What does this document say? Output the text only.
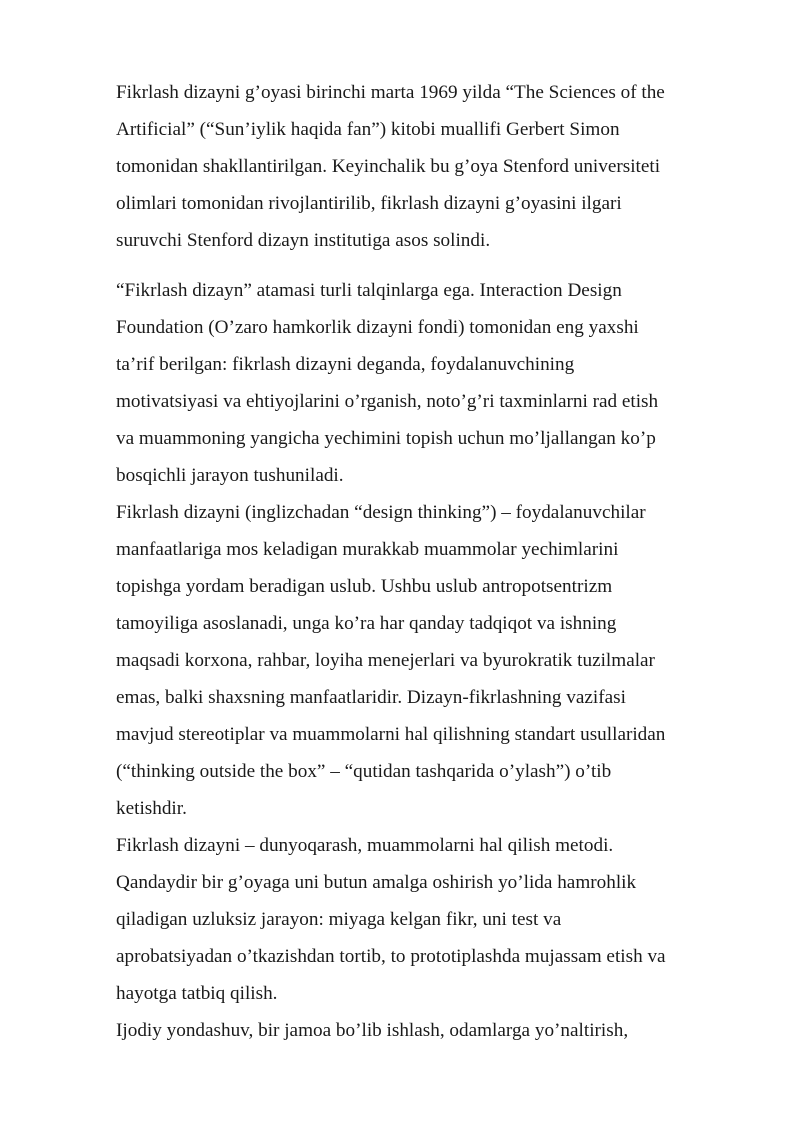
Fikrlash dizayni g’oyasi birinchi marta 1969 yilda “The Sciences of the
Artificial” (“Sun’iylik haqida fan”) kitobi muallifi Gerbert Simon
tomonidan shakllantirilgan. Keyinchalik bu g’oya Stenford universiteti
olimlari tomonidan rivojlantirilib, fikrlash dizayni g’oyasini ilgari
suruvchi Stenford dizayn institutiga asos solindi.
“Fikrlash dizayn” atamasi turli talqinlarga ega. Interaction Design
Foundation (O’zaro hamkorlik dizayni fondi) tomonidan eng yaxshi
ta’rif berilgan: fikrlash dizayni deganda, foydalanuvchining
motivatsiyasi va ehtiyojlarini o’rganish, noto’g’ri taxminlarni rad etish
va muammoning yangicha yechimini topish uchun mo’ljallangan ko’p
bosqichli jarayon tushuniladi.
Fikrlash dizayni (inglizchadan “design thinking”) – foydalanuvchilar
manfaatlariga mos keladigan murakkab muammolar yechimlarini
topishga yordam beradigan uslub. Ushbu uslub antropotsentrizm
tamoyiliga asoslanadi, unga ko’ra har qanday tadqiqot va ishning
maqsadi korxona, rahbar, loyiha menejerlari va byurokratik tuzilmalar
emas, balki shaxsning manfaatlaridir. Dizayn-fikrlashning vazifasi
mavjud stereotiplar va muammolarni hal qilishning standart usullaridan
(“thinking outside the box” – “qutidan tashqarida o’ylash”) o’tib
ketishdir.
Fikrlash dizayni – dunyoqarash, muammolarni hal qilish metodi.
Qandaydir bir g’oyaga uni butun amalga oshirish yo’lida hamrohlik
qiladigan uzluksiz jarayon: miyaga kelgan fikr, uni test va
aprobatsiyadan o’tkazishdan tortib, to prototiplashda mujassam etish va
hayotga tatbiq qilish.
Ijodiy yondashuv, bir jamoa bo’lib ishlash, odamlarga yo’naltirish,
